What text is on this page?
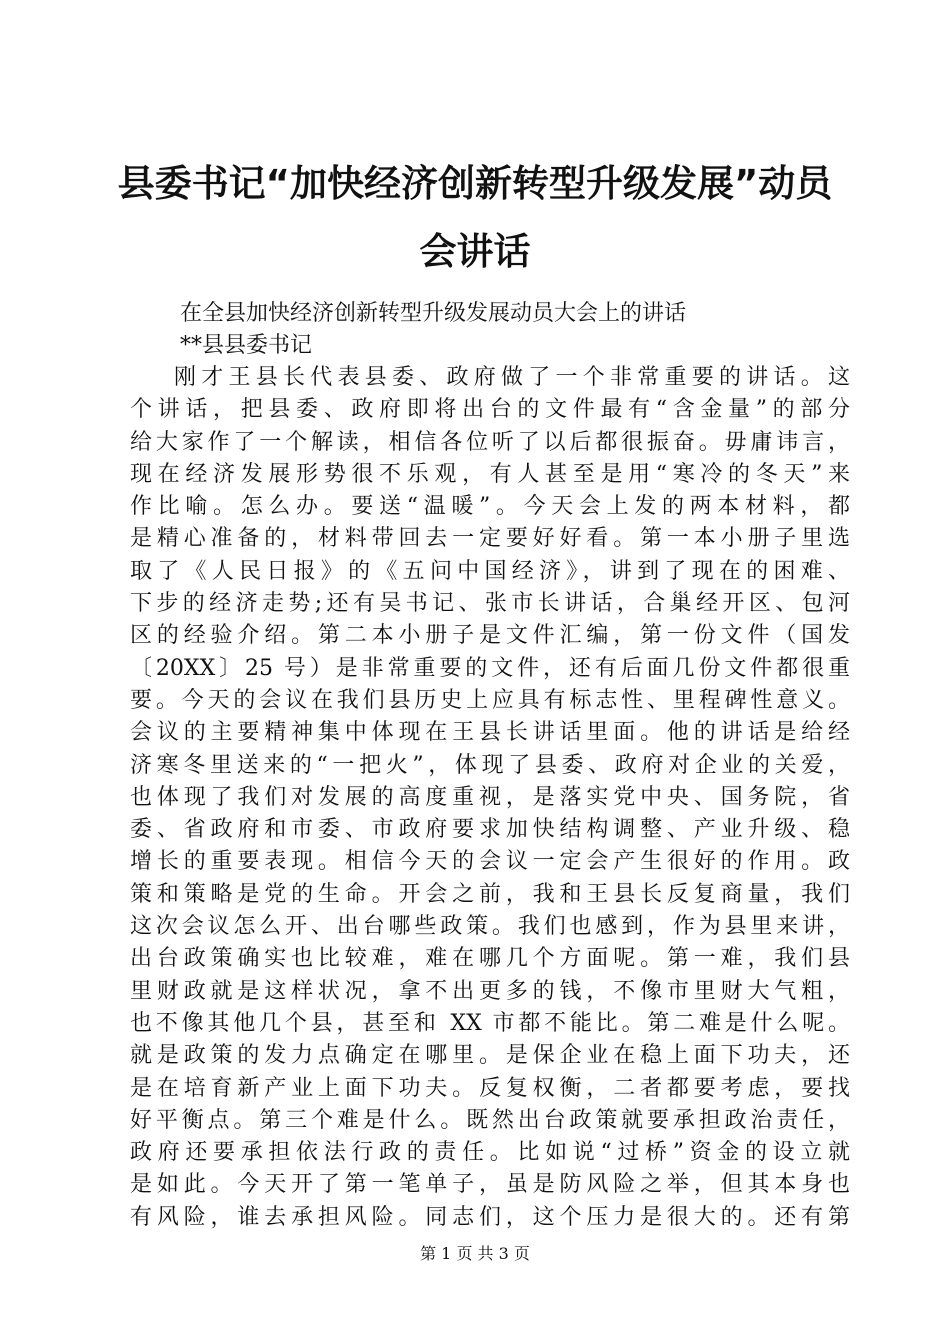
县委书记“加快经济创新转型升级发展”动员
会讲话

在全县加快经济创新转型升级发展动员大会上的讲话

**县县委书记

刚才王县长代表县委、政府做了一个非常重要的讲话。这
个讲话，把县委、政府即将出台的文件最有“含金量”的部分
给大家作了一个解读，相信各位听了以后都很振奋。毋庸讳言，
现在经济发展形势很不乐观，有人甚至是用“寒冷的冬天”来
作比喻。怎么办。要送“温暖”。今天会上发的两本材料，都
是精心准备的，材料带回去一定要好好看。第一本小册子里选
取了《人民日报》的《五问中国经济》，讲到了现在的困难、
下步的经济走势;还有吴书记、张市长讲话，合巢经开区、包河
区的经验介绍。第二本小册子是文件汇编，第一份文件（国发
〔20XX〕25 号）是非常重要的文件，还有后面几份文件都很重
要。今天的会议在我们县历史上应具有标志性、里程碑性意义。
会议的主要精神集中体现在王县长讲话里面。他的讲话是给经
济寒冬里送来的“一把火”，体现了县委、政府对企业的关爱，
也体现了我们对发展的高度重视，是落实党中央、国务院，省
委、省政府和市委、市政府要求加快结构调整、产业升级、稳
增长的重要表现。相信今天的会议一定会产生很好的作用。政
策和策略是党的生命。开会之前，我和王县长反复商量，我们
这次会议怎么开、出台哪些政策。我们也感到，作为县里来讲，
出台政策确实也比较难，难在哪几个方面呢。第一难，我们县
里财政就是这样状况，拿不出更多的钱，不像市里财大气粗，
也不像其他几个县，甚至和 XX 市都不能比。第二难是什么呢。
就是政策的发力点确定在哪里。是保企业在稳上面下功夫，还
是在培育新产业上面下功夫。反复权衡，二者都要考虑，要找
好平衡点。第三个难是什么。既然出台政策就要承担政治责任，
政府还要承担依法行政的责任。比如说“过桥”资金的设立就
是如此。今天开了第一笔单子，虽是防风险之举，但其本身也
有风险，谁去承担风险。同志们，这个压力是很大的。还有第
第 1 页 共 3 页
